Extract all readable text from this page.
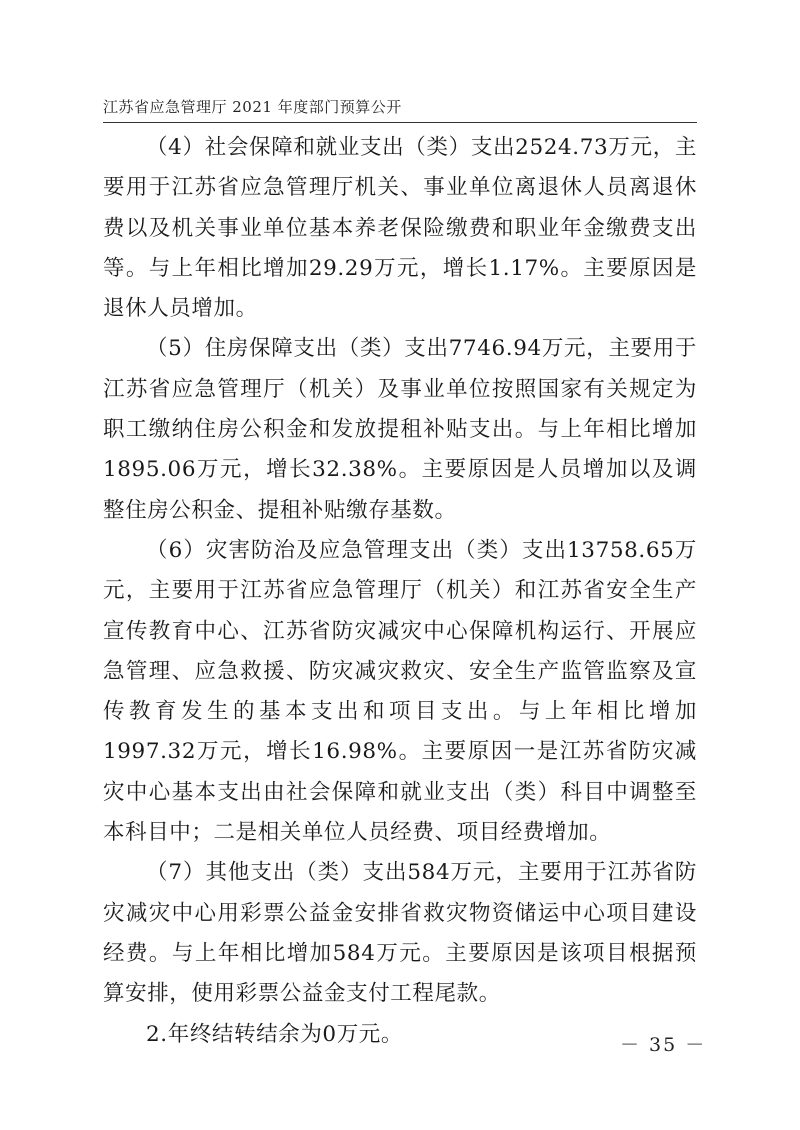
江苏省应急管理厅 2021 年度部门预算公开

（4）社会保障和就业支出（类）支出2524.73万元，主要用于江苏省应急管理厅机关、事业单位离退休人员离退休费以及机关事业单位基本养老保险缴费和职业年金缴费支出等。与上年相比增加29.29万元，增长1.17%。主要原因是退休人员增加。

（5）住房保障支出（类）支出7746.94万元，主要用于江苏省应急管理厅（机关）及事业单位按照国家有关规定为职工缴纳住房公积金和发放提租补贴支出。与上年相比增加1895.06万元，增长32.38%。主要原因是人员增加以及调整住房公积金、提租补贴缴存基数。

（6）灾害防治及应急管理支出（类）支出13758.65万元，主要用于江苏省应急管理厅（机关）和江苏省安全生产宣传教育中心、江苏省防灾减灾中心保障机构运行、开展应急管理、应急救援、防灾减灾救灾、安全生产监管监察及宣传教育发生的基本支出和项目支出。与上年相比增加1997.32万元，增长16.98%。主要原因一是江苏省防灾减灾中心基本支出由社会保障和就业支出（类）科目中调整至本科目中；二是相关单位人员经费、项目经费增加。

（7）其他支出（类）支出584万元，主要用于江苏省防灾减灾中心用彩票公益金安排省救灾物资储运中心项目建设经费。与上年相比增加584万元。主要原因是该项目根据预算安排，使用彩票公益金支付工程尾款。

2.年终结转结余为0万元。	－ 35 －
